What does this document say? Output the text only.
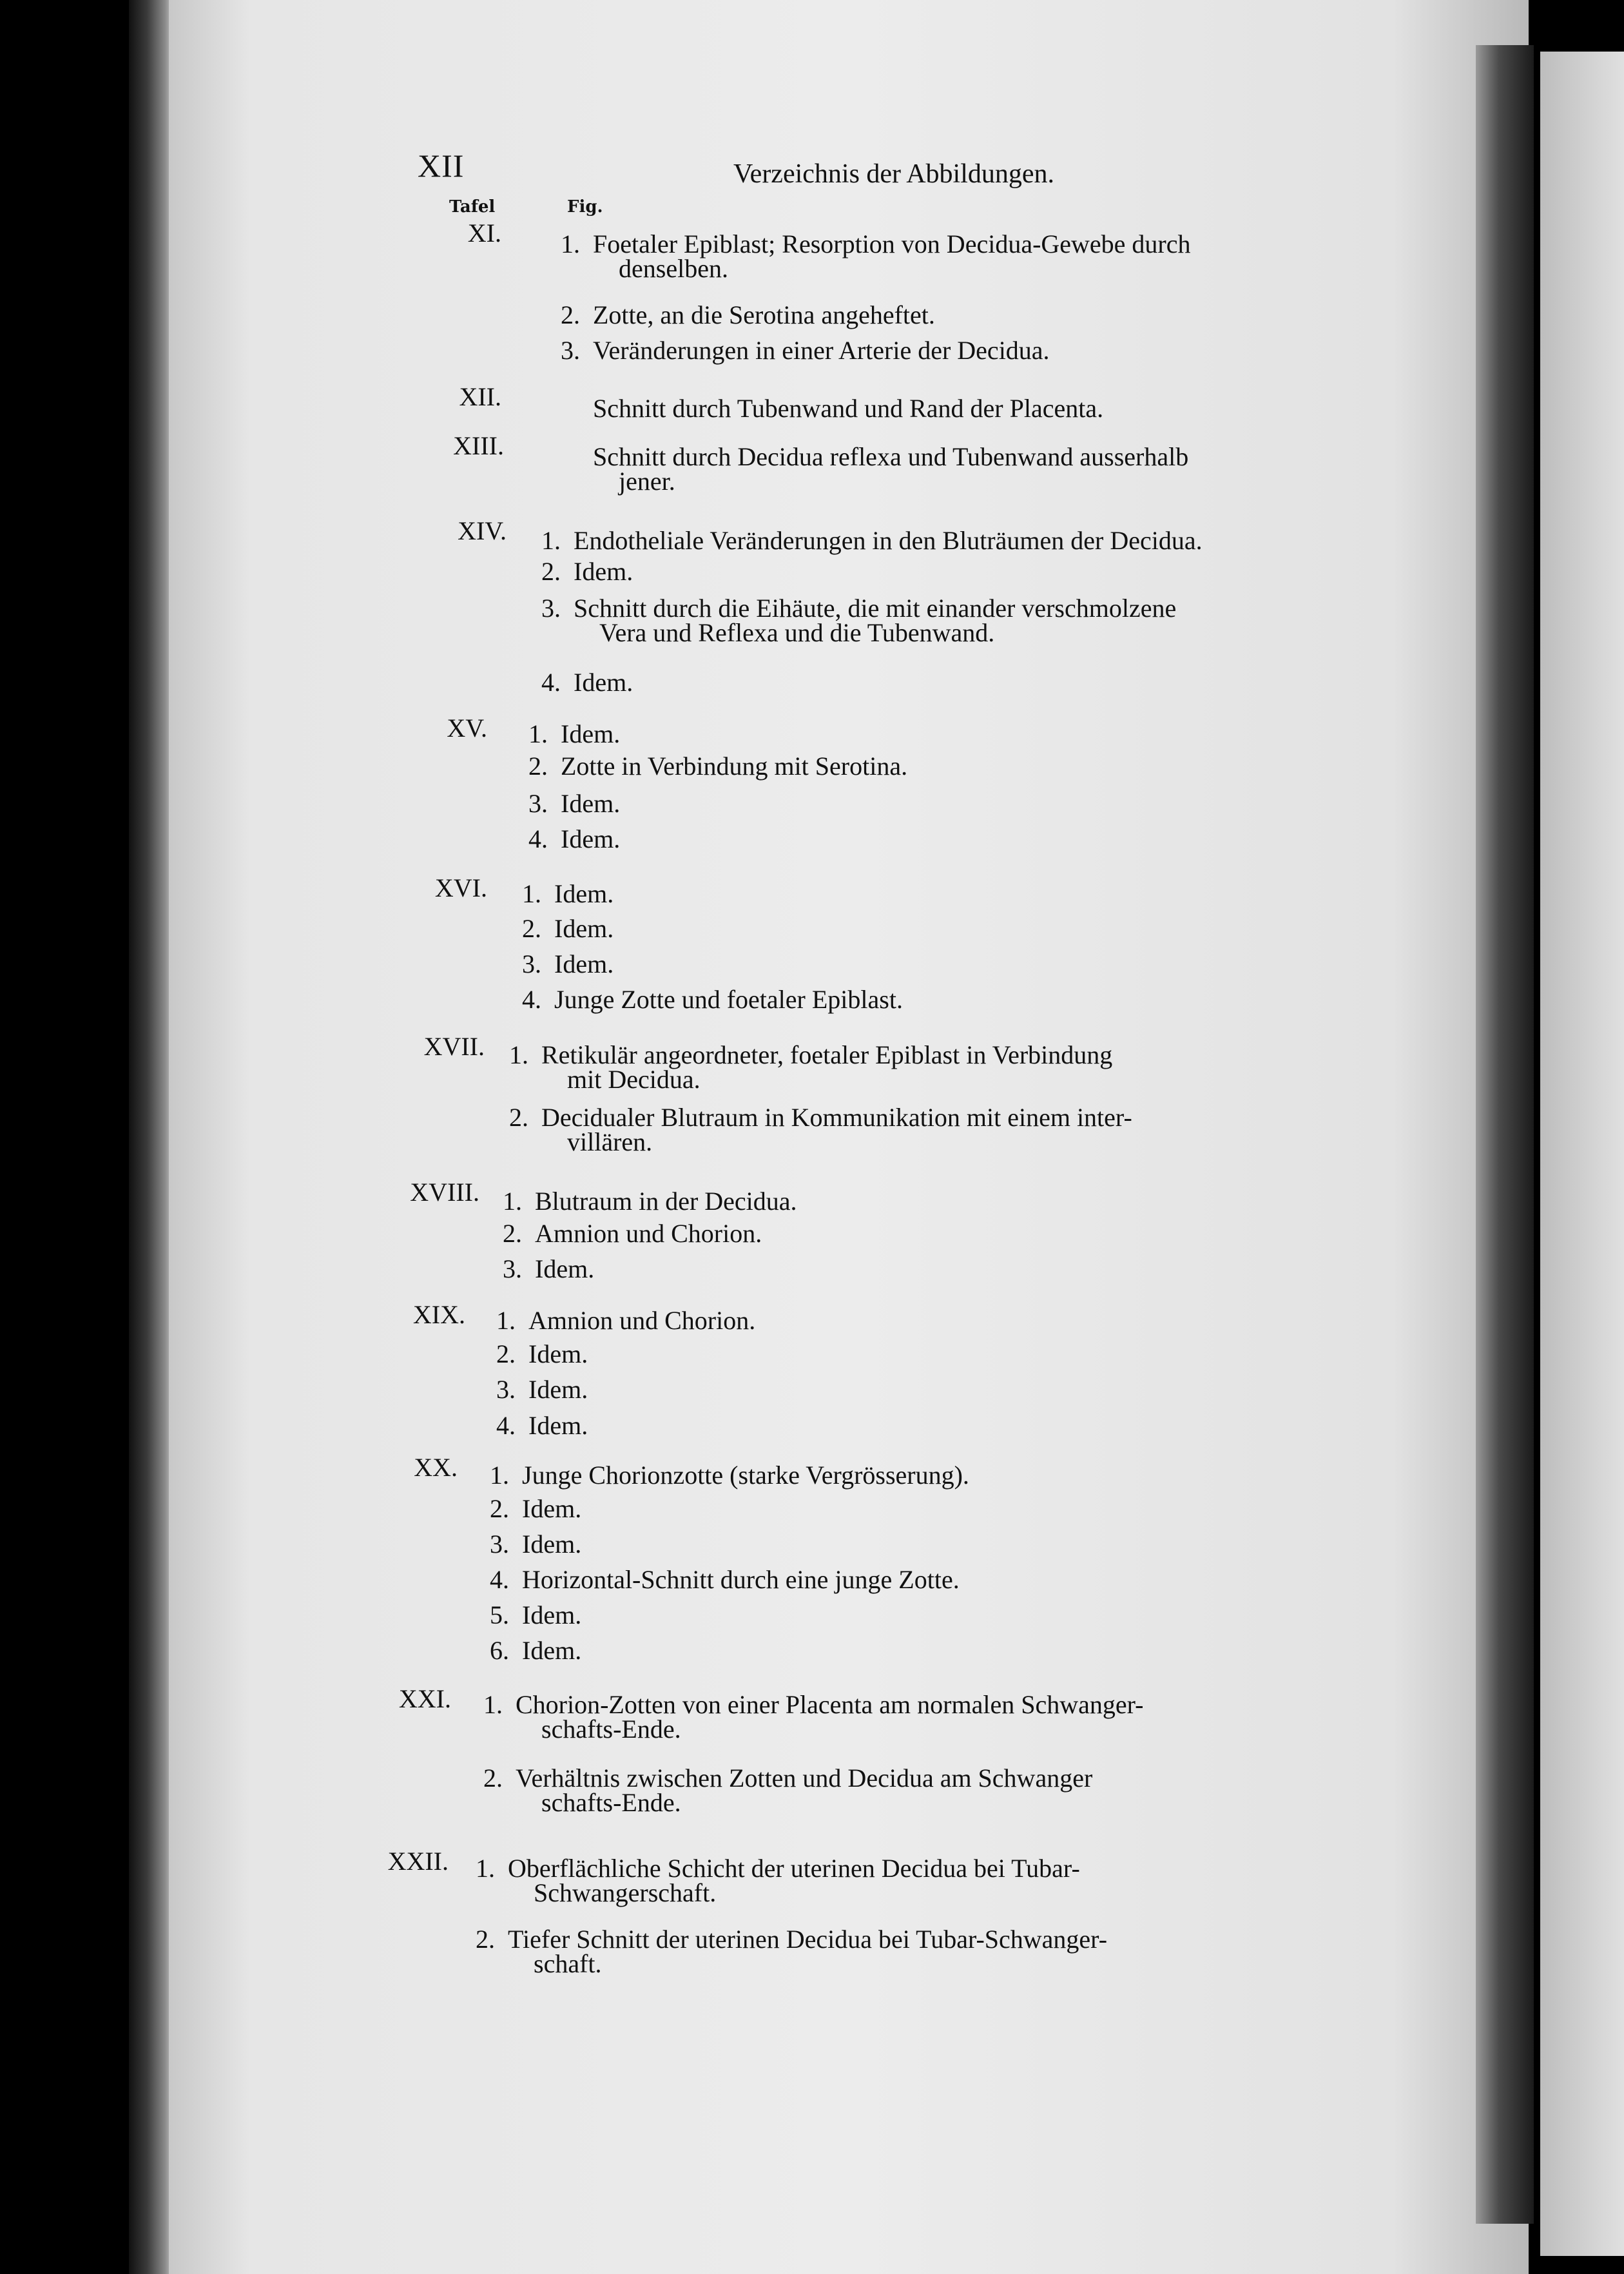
XII	Verzeichnis der Abbildungen.
Tafel	Fig.
XI.	1. Foetaler Epiblast; Resorption von Decidua-Gewebe durch
denselben.
2. Zotte, an die Serotina angeheftet.
3. Veränderungen in einer Arterie der Decidua.
XII.	Schnitt durch Tubenwand und Rand der Placenta.
XIII.	Schnitt durch Decidua reflexa und Tubenwand ausserhalb
jener.
XIV.	1. Endotheliale Veränderungen in den Bluträumen der Decidua.
2. Idem.
3. Schnitt durch die Eihäute, die mit einander verschmolzene
Vera und Reflexa und die Tubenwand.
4. Idem.
XV.	1. Idem.
2. Zotte in Verbindung mit Serotina.
3. Idem.
4. Idem.
XVI.	1. Idem.
2. Idem.
3. Idem.
4. Junge Zotte und foetaler Epiblast.
XVII. 1. Retikulär angeordneter, foetaler Epiblast in Verbindung
mit Decidua.
2. Decidualer Blutraum in Kommunikation mit einem inter-
villären.
XVIII. 1. Blutraum in der Decidua.
2. Amnion und Chorion.
3. Idem.
XIX.	1. Amnion und Chorion.
2. Idem.
3. Idem.
4. Idem.
XX.	1. Junge Chorionzotte (starke Vergrösserung).
2. Idem.
3. Idem.
4. Horizontal-Schnitt durch eine junge Zotte.
5. Idem.
6. Idem.
XXI.	1. Chorion-Zotten von einer Placenta am normalen Schwanger-
schafts-Ende.
2. Verhältnis zwischen Zotten und Decidua am Schwanger
schafts-Ende.
XXII.	1. Oberflächliche Schicht der uterinen Decidua bei Tubar-
Schwangerschaft.
2. Tiefer Schnitt der uterinen Decidua bei Tubar-Schwanger-
schaft.
